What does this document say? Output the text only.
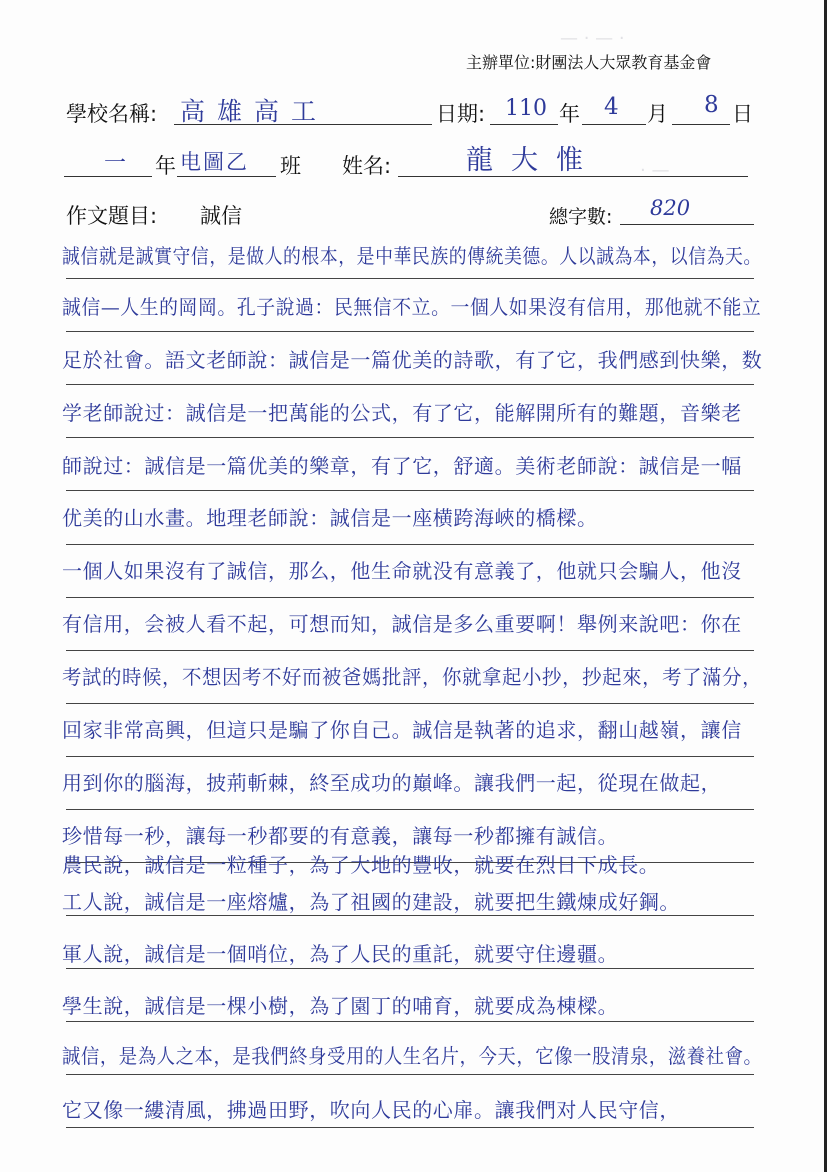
— · — ·
· —
主辦單位:財團法人大眾教育基金會
學校名稱: 高雄高工	日期: 110 年 4 月 8 日
一 年 电圖乙 班 姓名:	龍大惟
作文題目: 誠信	總字數: 820
誠信就是誠實守信，是做人的根本，是中華民族的傳統美德。人以誠為本，以信為天。
誠信—人生的岡岡。孔子說過：民無信不立。一個人如果沒有信用，那他就不能立
足於社會。語文老師說：誠信是一篇优美的詩歌，有了它，我們感到快樂，数
学老師說过：誠信是一把萬能的公式，有了它，能解開所有的難題，音樂老
師說过：誠信是一篇优美的樂章，有了它，舒適。美術老師說：誠信是一幅
优美的山水畫。地理老師說：誠信是一座横跨海峽的橋樑。
一個人如果沒有了誠信，那么，他生命就没有意義了，他就只会騙人，他沒
有信用，会被人看不起，可想而知，誠信是多么重要啊！舉例来說吧：你在
考試的時候，不想因考不好而被爸媽批評，你就拿起小抄，抄起來，考了滿分，
回家非常高興，但這只是騙了你自己。誠信是執著的追求，翻山越嶺，讓信
用到你的腦海，披荊斬棘，終至成功的巔峰。讓我們一起，從現在做起，
珍惜每一秒，讓每一秒都要的有意義，讓每一秒都擁有誠信。
農民說，誠信是一粒種子，為了大地的豐收，就要在烈日下成長。
工人說，誠信是一座熔爐，為了祖國的建設，就要把生鐵煉成好鋼。
軍人說，誠信是一個哨位，為了人民的重託，就要守住邊疆。
學生說，誠信是一棵小樹，為了園丁的哺育，就要成為棟樑。
誠信，是為人之本，是我們終身受用的人生名片，今天，它像一股清泉，滋養社會。
它又像一縷清風，拂過田野，吹向人民的心扉。讓我們对人民守信，
